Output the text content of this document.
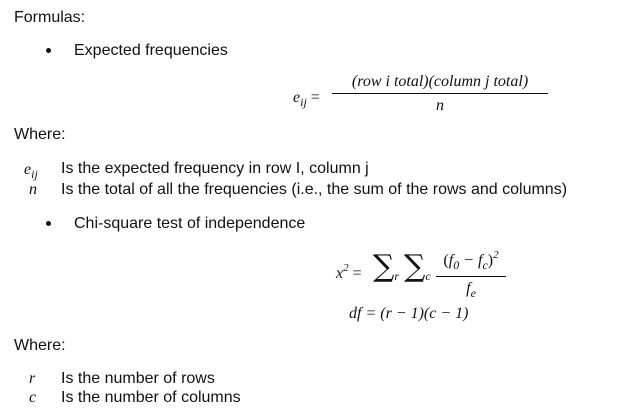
Formulas:
Expected frequencies
$e_{ij}$ =
(row i total)(column j total)
n
Where:
$e_{ij}$ Is the expected frequency in row I, column j
n Is the total of all the frequencies (i.e., the sum of the rows and columns)
Chi-square test of independence
$x^2 = \sum_r$ $\sum_c$
$(f_0 - f_c)^2$
$f_e$
df = (r − 1)(c − 1)
Where:
r Is the number of rows
c Is the number of columns
